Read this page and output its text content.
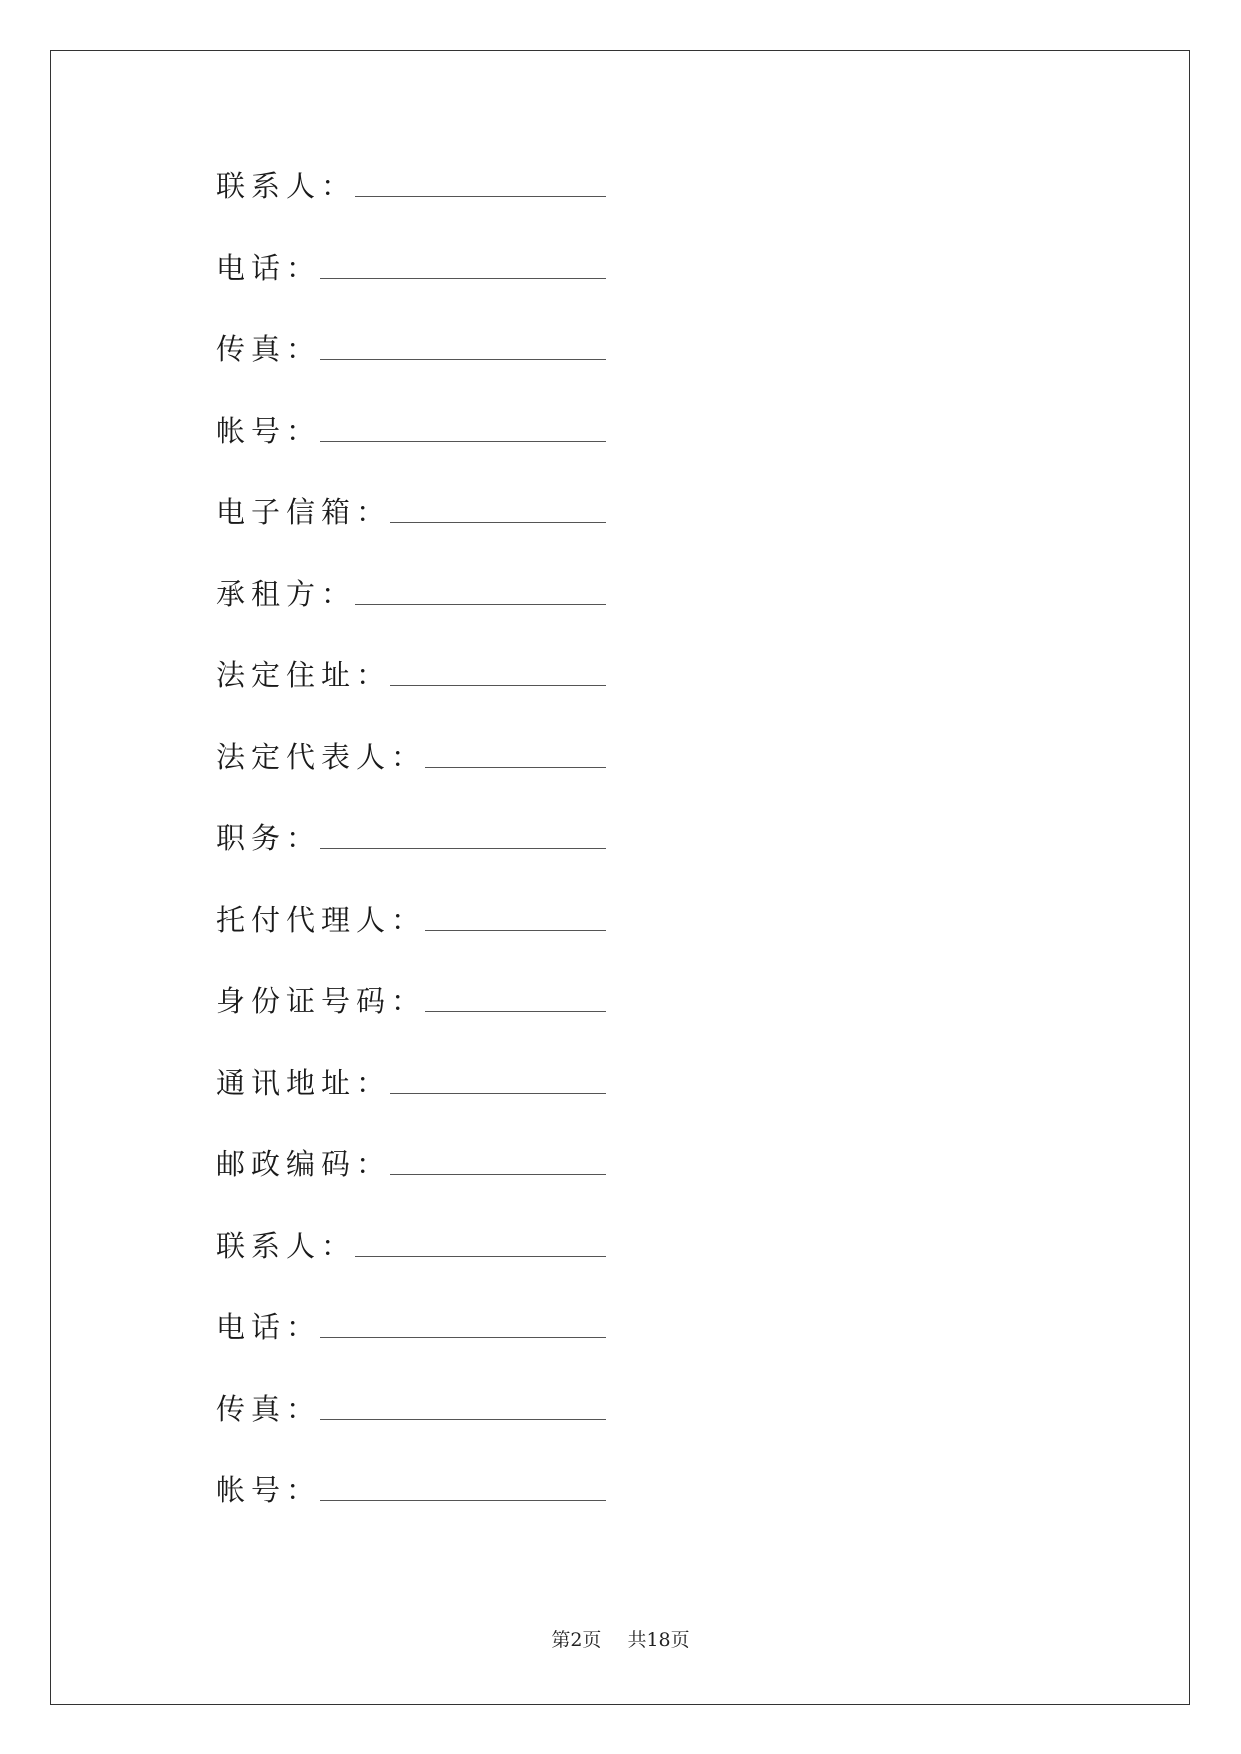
联系人 ：
电话 ：
传真 ：
帐号 ：
电子信箱 ：
承租方 ：
法定住址 ：
法定代表人 ：
职务 ：
托付代理人 ：
身份证号码 ：
通讯地址 ：
邮政编码 ：
联系人 ：
电话 ：
传真 ：
帐号 ：
第2页 共18页
